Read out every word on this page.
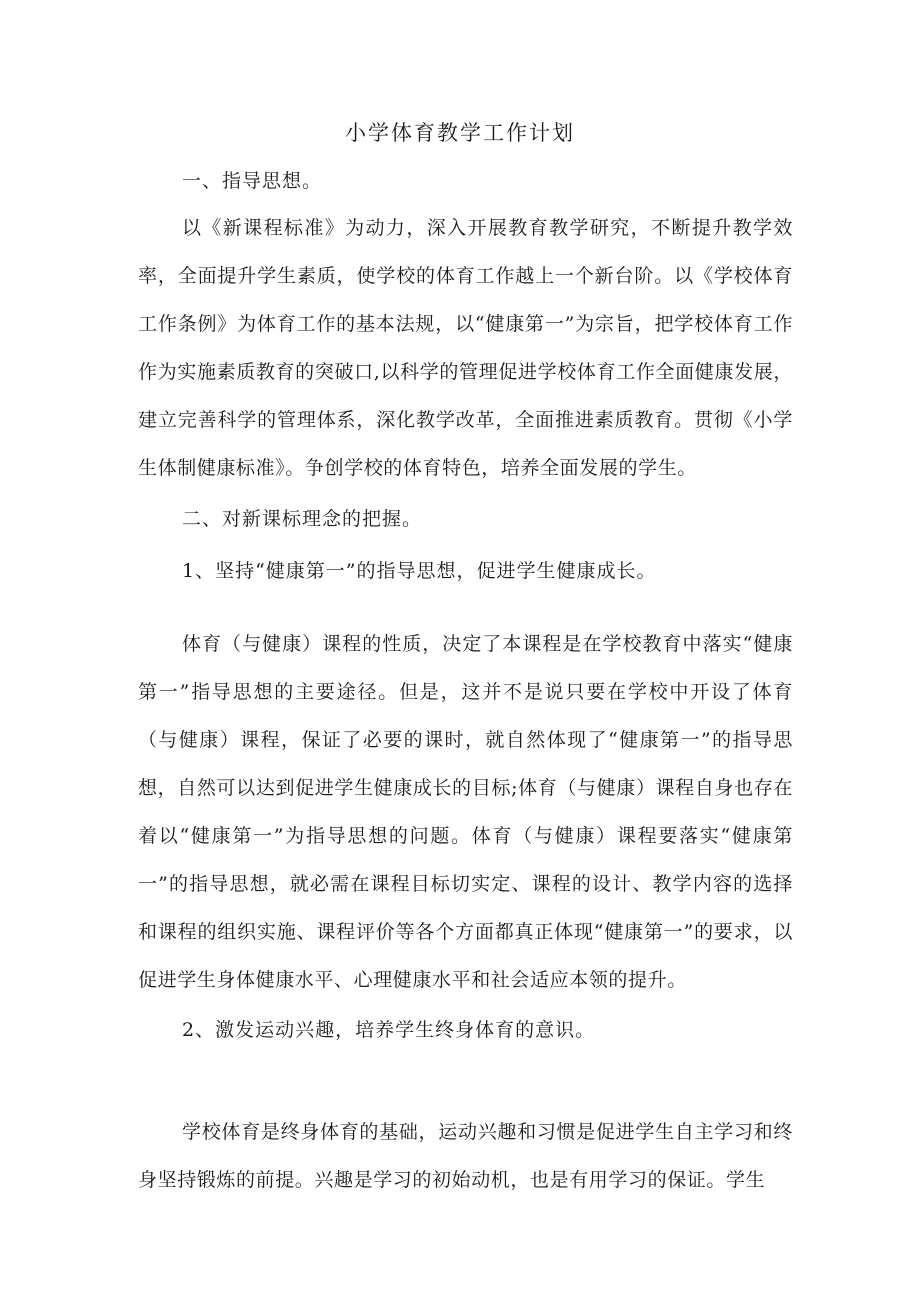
小学体育教学工作计划
一、指导思想。

以《新课程标准》为动力，深入开展教育教学研究，不断提升教学效率，全面提升学生素质，使学校的体育工作越上一个新台阶。以《学校体育工作条例》为体育工作的基本法规，以“健康第一”为宗旨，把学校体育工作作为实施素质教育的突破口,以科学的管理促进学校体育工作全面健康发展，建立完善科学的管理体系，深化教学改革，全面推进素质教育。贯彻《小学生体制健康标准》。争创学校的体育特色，培养全面发展的学生。

二、对新课标理念的把握。
1、坚持“健康第一”的指导思想，促进学生健康成长。

体育（与健康）课程的性质，决定了本课程是在学校教育中落实“健康第一”指导思想的主要途径。但是，这并不是说只要在学校中开设了体育（与健康）课程，保证了必要的课时，就自然体现了“健康第一”的指导思想，自然可以达到促进学生健康成长的目标;体育（与健康）课程自身也存在着以“健康第一”为指导思想的问题。体育（与健康）课程要落实“健康第一”的指导思想，就必需在课程目标切实定、课程的设计、教学内容的选择和课程的组织实施、课程评价等各个方面都真正体现“健康第一”的要求，以促进学生身体健康水平、心理健康水平和社会适应本领的提升。

2、激发运动兴趣，培养学生终身体育的意识。

学校体育是终身体育的基础，运动兴趣和习惯是促进学生自主学习和终身坚持锻炼的前提。兴趣是学习的初始动机，也是有用学习的保证。学生
